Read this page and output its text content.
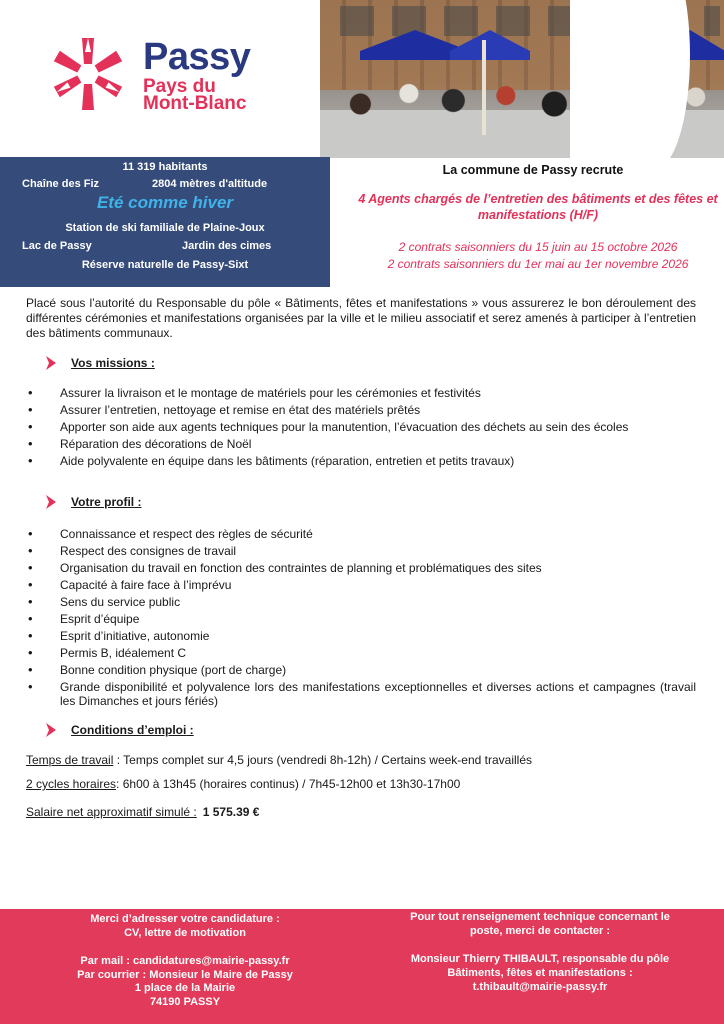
Passy
Pays du
Mont-Blanc
11 319 habitants
Chaîne des Fiz	2804 mètres d'altitude
Eté comme hiver
Station de ski familiale de Plaine-Joux
Lac de Passy	Jardin des cimes
Réserve naturelle de Passy-Sixt
La commune de Passy recrute
4 Agents chargés de l’entretien des bâtiments et des fêtes et manifestations (H/F)
2 contrats saisonniers du 15 juin au 15 octobre 2026
2 contrats saisonniers du 1er mai au 1er novembre 2026

Placé sous l’autorité du Responsable du pôle « Bâtiments, fêtes et manifestations » vous assurerez le bon déroulement des différentes cérémonies et manifestations organisées par la ville et le milieu associatif et serez amenés à participer à l’entretien des bâtiments communaux.

Vos missions :
• Assurer la livraison et le montage de matériels pour les cérémonies et festivités
• Assurer l’entretien, nettoyage et remise en état des matériels prêtés
• Apporter son aide aux agents techniques pour la manutention, l’évacuation des déchets au sein des écoles
• Réparation des décorations de Noël
• Aide polyvalente en équipe dans les bâtiments (réparation, entretien et petits travaux)
Votre profil :
• Connaissance et respect des règles de sécurité
• Respect des consignes de travail
• Organisation du travail en fonction des contraintes de planning et problématiques des sites
• Capacité à faire face à l’imprévu
• Sens du service public
• Esprit d’équipe
• Esprit d’initiative, autonomie
• Permis B, idéalement C
• Bonne condition physique (port de charge)
• Grande disponibilité et polyvalence lors des manifestations exceptionnelles et diverses actions et campagnes (travail les Dimanches et jours fériés)
Conditions d’emploi :
Temps de travail : Temps complet sur 4,5 jours (vendredi 8h-12h) / Certains week-end travaillés
2 cycles horaires: 6h00 à 13h45 (horaires continus) / 7h45-12h00 et 13h30-17h00
Salaire net approximatif simulé : 1 575.39 €
Merci d’adresser votre candidature :
CV, lettre de motivation
Par mail : candidatures@mairie-passy.fr
Par courrier : Monsieur le Maire de Passy
1 place de la Mairie
74190 PASSY
Pour tout renseignement technique concernant le
poste, merci de contacter :
Monsieur Thierry THIBAULT, responsable du pôle
Bâtiments, fêtes et manifestations :
t.thibault@mairie-passy.fr
